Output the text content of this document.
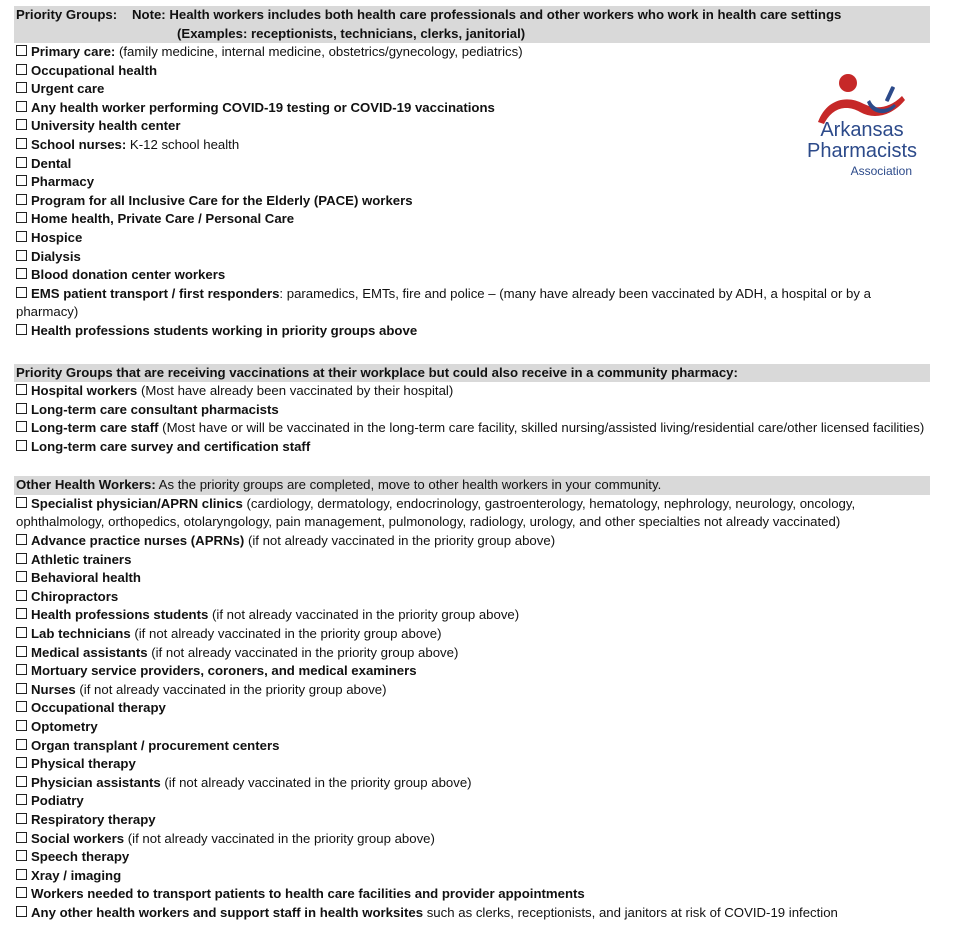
Priority Groups:	Note: Health workers includes both health care professionals and other workers who work in health care settings
(Examples: receptionists, technicians, clerks, janitorial)
Primary care: (family medicine, internal medicine, obstetrics/gynecology, pediatrics)
Occupational health
Urgent care
Any health worker performing COVID-19 testing or COVID-19 vaccinations
University health center
School nurses: K-12 school health
Dental
Pharmacy
Program for all Inclusive Care for the Elderly (PACE) workers
Home health, Private Care / Personal Care
Hospice
Dialysis
Blood donation center workers
EMS patient transport / first responders: paramedics, EMTs, fire and police – (many have already been vaccinated by ADH, a hospital or by a pharmacy)
Health professions students working in priority groups above
Priority Groups that are receiving vaccinations at their workplace but could also receive in a community pharmacy:
Hospital workers (Most have already been vaccinated by their hospital)
Long-term care consultant pharmacists
Long-term care staff (Most have or will be vaccinated in the long-term care facility, skilled nursing/assisted living/residential care/other licensed facilities)
Long-term care survey and certification staff
Other Health Workers: As the priority groups are completed, move to other health workers in your community.
Specialist physician/APRN clinics (cardiology, dermatology, endocrinology, gastroenterology, hematology, nephrology, neurology, oncology, ophthalmology, orthopedics, otolaryngology, pain management, pulmonology, radiology, urology, and other specialties not already vaccinated)
Advance practice nurses (APRNs) (if not already vaccinated in the priority group above)
Athletic trainers
Behavioral health
Chiropractors
Health professions students (if not already vaccinated in the priority group above)
Lab technicians (if not already vaccinated in the priority group above)
Medical assistants (if not already vaccinated in the priority group above)
Mortuary service providers, coroners, and medical examiners
Nurses (if not already vaccinated in the priority group above)
Occupational therapy
Optometry
Organ transplant / procurement centers
Physical therapy
Physician assistants (if not already vaccinated in the priority group above)
Podiatry
Respiratory therapy
Social workers (if not already vaccinated in the priority group above)
Speech therapy
Xray / imaging
Workers needed to transport patients to health care facilities and provider appointments
Any other health workers and support staff in health worksites such as clerks, receptionists, and janitors at risk of COVID-19 infection
Arkansas
Pharmacists
Association
